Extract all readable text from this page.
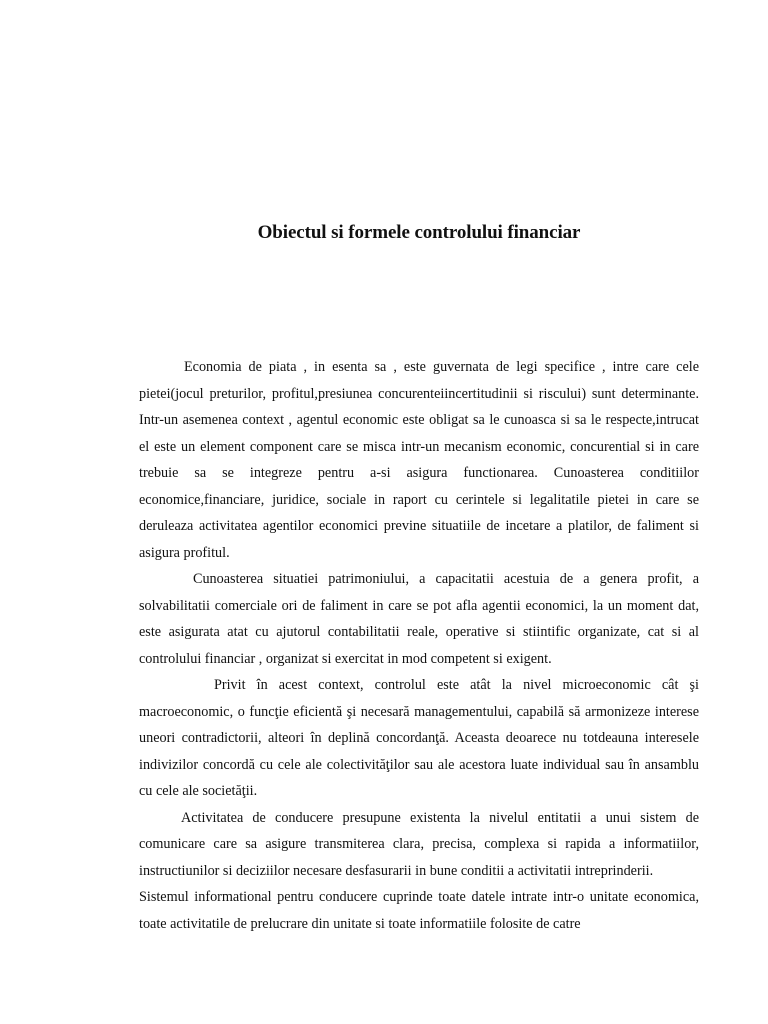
Obiectul si formele controlului financiar

Economia de piata , in esenta sa , este guvernata de legi specifice , intre care cele pietei(jocul preturilor, profitul,presiunea concurenteiincertitudinii si riscului) sunt determinante. Intr-un asemenea context , agentul economic este obligat sa le cunoasca si sa le respecte,intrucat el este un element component care se misca intr-un mecanism economic, concurential si in care trebuie sa se integreze pentru a-si asigura functionarea. Cunoasterea conditiilor economice,financiare, juridice, sociale in raport cu cerintele si legalitatile pietei in care se deruleaza activitatea agentilor economici previne situatiile de incetare a platilor, de faliment si asigura profitul.

Cunoasterea situatiei patrimoniului, a capacitatii acestuia de a genera profit, a solvabilitatii comerciale ori de faliment in care se pot afla agentii economici, la un moment dat, este asigurata atat cu ajutorul contabilitatii reale, operative si stiintific organizate, cat si al controlului financiar , organizat si exercitat in mod competent si exigent.

Privit în acest context, controlul este atât la nivel microeconomic cât şi macroeconomic, o funcţie eficientă şi necesară managementului, capabilă să armonizeze interese uneori contradictorii, alteori în deplină concordanţă. Aceasta deoarece nu totdeauna interesele indivizilor concordă cu cele ale colectivităţilor sau ale acestora luate individual sau în ansamblu cu cele ale societăţii.

Activitatea de conducere presupune existenta la nivelul entitatii a unui sistem de comunicare care sa asigure transmiterea clara, precisa, complexa si rapida a informatiilor, instructiunilor si deciziilor necesare desfasurarii in bune conditii a activitatii intreprinderii.

Sistemul informational pentru conducere cuprinde toate datele intrate intr-o unitate economica, toate activitatile de prelucrare din unitate si toate informatiile folosite de catre
